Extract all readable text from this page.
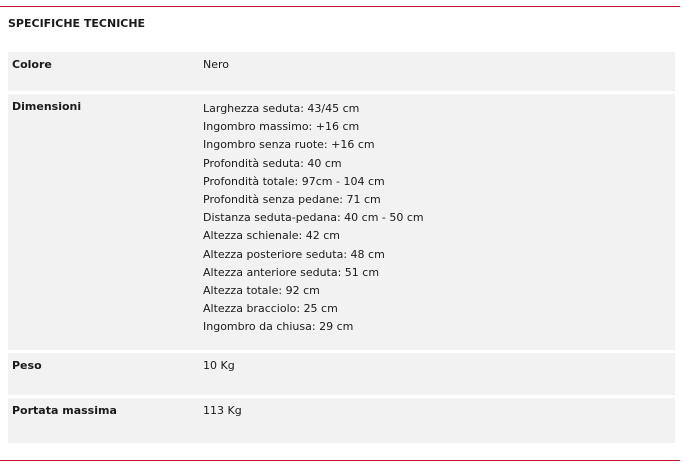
SPECIFICHE TECNICHE
Colore	Nero
Dimensioni	Larghezza seduta: 43/45 cm
Ingombro massimo: +16 cm
Ingombro senza ruote: +16 cm
Profondità seduta: 40 cm
Profondità totale: 97cm - 104 cm
Profondità senza pedane: 71 cm
Distanza seduta-pedana: 40 cm - 50 cm
Altezza schienale: 42 cm
Altezza posteriore seduta: 48 cm
Altezza anteriore seduta: 51 cm
Altezza totale: 92 cm
Altezza bracciolo: 25 cm
Ingombro da chiusa: 29 cm
Peso	10 Kg
Portata massima	113 Kg
